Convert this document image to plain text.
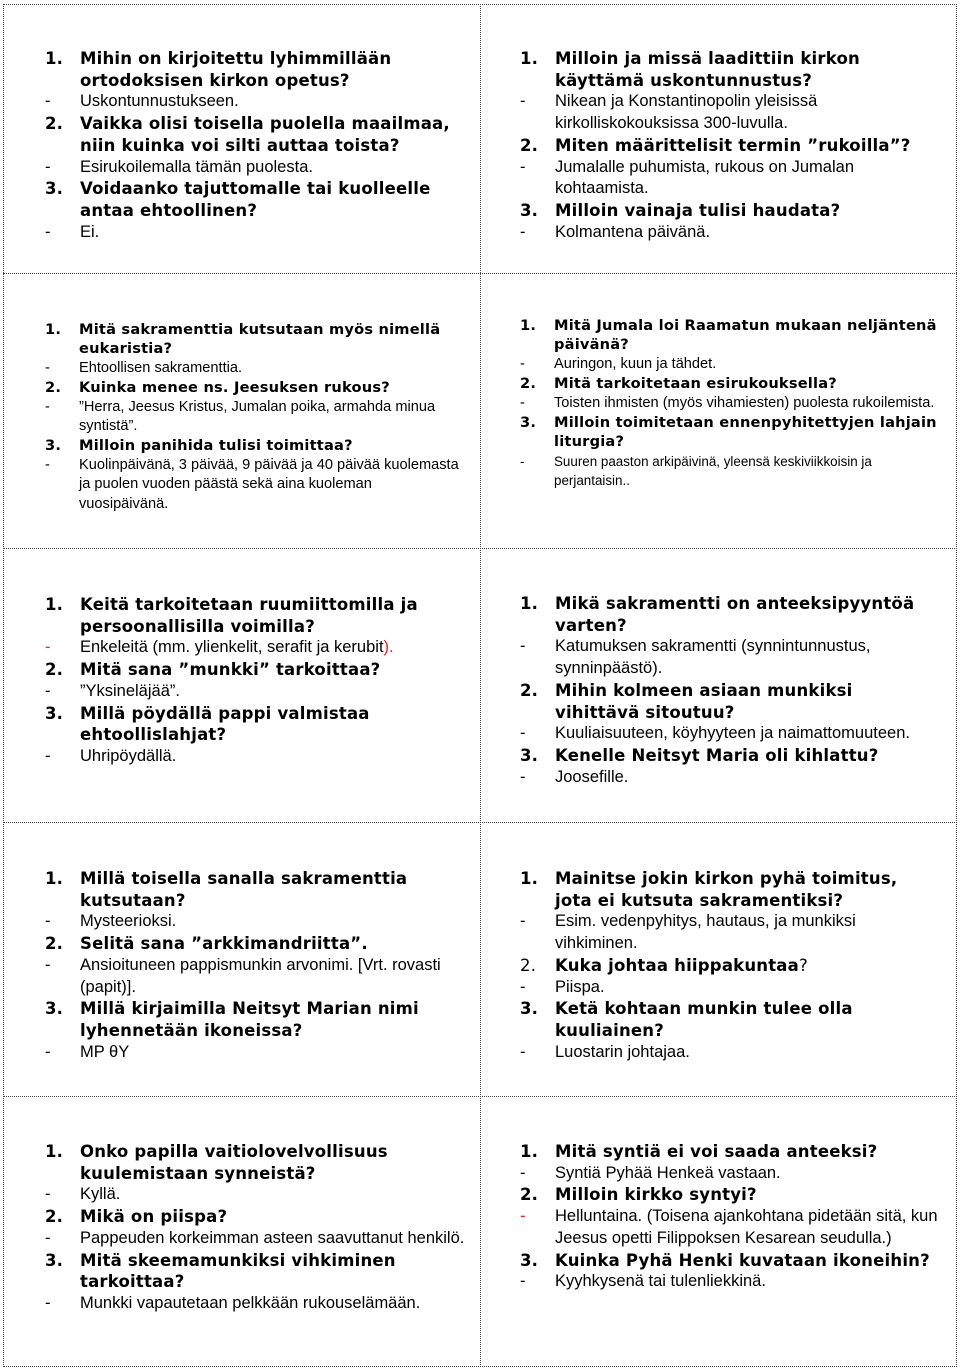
1. Mihin on kirjoitettu lyhimmillään ortodoksisen kirkon opetus?
- Uskontunnustukseen.
2. Vaikka olisi toisella puolella maailmaa, niin kuinka voi silti auttaa toista?
- Esirukoilemalla tämän puolesta.
3. Voidaanko tajuttomalle tai kuolleelle antaa ehtoollinen?
- Ei.
1. Milloin ja missä laadittiin kirkon käyttämä uskontunnustus?
- Nikean ja Konstantinopolin yleisissä kirkolliskokouksissa 300-luvulla.
2. Miten määrittelisit termin ”rukoilla”?
- Jumalalle puhumista, rukous on Jumalan kohtaamista.
3. Milloin vainaja tulisi haudata?
- Kolmantena päivänä.
1. Mitä sakramenttia kutsutaan myös nimellä eukaristia?
- Ehtoollisen sakramenttia.
2. Kuinka menee ns. Jeesuksen rukous?
- ”Herra, Jeesus Kristus, Jumalan poika, armahda minua syntistä”.
3. Milloin panihida tulisi toimittaa?
- Kuolinpäivänä, 3 päivää, 9 päivää ja 40 päivää kuolemasta ja puolen vuoden päästä sekä aina kuoleman vuosipäivänä.
1. Mitä Jumala loi Raamatun mukaan neljäntenä päivänä?
- Auringon, kuun ja tähdet.
2. Mitä tarkoitetaan esirukouksella?
- Toisten ihmisten (myös vihamiesten) puolesta rukoilemista.
3. Milloin toimitetaan ennenpyhitettyjen lahjain liturgia?
- Suuren paaston arkipäivinä, yleensä keskiviikkoisin ja perjantaisin..
1. Keitä tarkoitetaan ruumiittomilla ja persoonallisilla voimilla?
- Enkeleitä (mm. ylienkelit, serafit ja kerubit).
2. Mitä sana ”munkki” tarkoittaa?
- ”Yksineläjää”.
3. Millä pöydällä pappi valmistaa ehtoollislahjat?
- Uhripöydällä.
1. Mikä sakramentti on anteeksipyyntöä varten?
- Katumuksen sakramentti (synnintunnustus, synninpäästö).
2. Mihin kolmeen asiaan munkiksi vihittävä sitoutuu?
- Kuuliaisuuteen, köyhyyteen ja naimattomuuteen.
3. Kenelle Neitsyt Maria oli kihlattu?
- Joosefille.
1. Millä toisella sanalla sakramenttia kutsutaan?
- Mysteerioksi.
2. Selitä sana ”arkkimandriitta”.
- Ansioituneen pappismunkin arvonimi. [Vrt. rovasti (papit)].
3. Millä kirjaimilla Neitsyt Marian nimi lyhennetään ikoneissa?
- MP θY
1. Mainitse jokin kirkon pyhä toimitus, jota ei kutsuta sakramentiksi?
- Esim. vedenpyhitys, hautaus, ja munkiksi vihkiminen.
2. Kuka johtaa hiippakuntaa?
- Piispa.
3. Ketä kohtaan munkin tulee olla kuuliainen?
- Luostarin johtajaa.
1. Onko papilla vaitiolovelvollisuus kuulemistaan synneistä?
- Kyllä.
2. Mikä on piispa?
- Pappeuden korkeimman asteen saavuttanut henkilö.
3. Mitä skeemamunkiksi vihkiminen tarkoittaa?
- Munkki vapautetaan pelkkään rukouselämään.
1. Mitä syntiä ei voi saada anteeksi?
- Syntiä Pyhää Henkeä vastaan.
2. Milloin kirkko syntyi?
- Helluntaina. (Toisena ajankohtana pidetään sitä, kun Jeesus opetti Filippoksen Kesarean seudulla.)
3. Kuinka Pyhä Henki kuvataan ikoneihin?
- Kyyhkysenä tai tulenliekkinä.
